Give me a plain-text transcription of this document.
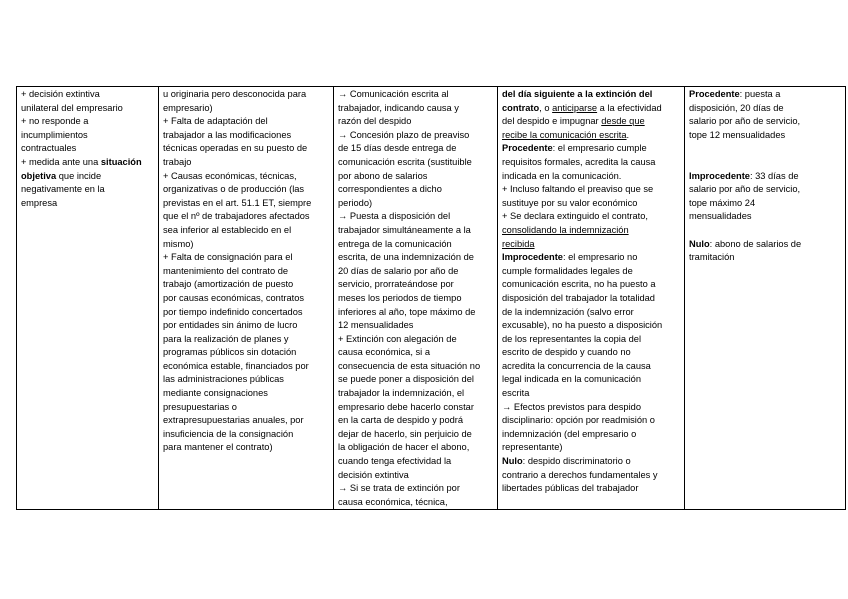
+ decisión extintiva
unilateral del empresario
+ no responde a
incumplimientos
contractuales
+ medida ante una situación
objetiva que incide
negativamente en la
empresa

u originaria pero desconocida para
empresario)
+ Falta de adaptación del
trabajador a las modificaciones
técnicas operadas en su puesto de
trabajo
+ Causas económicas, técnicas,
organizativas o de producción (las
previstas en el art. 51.1 ET, siempre
que el nº de trabajadores afectados
sea inferior al establecido en el
mismo)
+ Falta de consignación para el
mantenimiento del contrato de
trabajo (amortización de puesto
por causas económicas, contratos
por tiempo indefinido concertados
por entidades sin ánimo de lucro
para la realización de planes y
programas públicos sin dotación
económica estable, financiados por
las administraciones públicas
mediante consignaciones
presupuestarias o
extrapresupuestarias anuales, por
insuficiencia de la consignación
para mantener el contrato)

→ Comunicación escrita al
trabajador, indicando causa y
razón del despido
→ Concesión plazo de preaviso
de 15 días desde entrega de
comunicación escrita (sustituible
por abono de salarios
correspondientes a dicho
periodo)
→ Puesta a disposición del
trabajador simultáneamente a la
entrega de la comunicación
escrita, de una indemnización de
20 días de salario por año de
servicio, prorrateándose por
meses los periodos de tiempo
inferiores al año, tope máximo de
12 mensualidades
+ Extinción con alegación de
causa económica, si a
consecuencia de esta situación no
se puede poner a disposición del
trabajador la indemnización, el
empresario debe hacerlo constar
en la carta de despido y podrá
dejar de hacerlo, sin perjuicio de
la obligación de hacer el abono,
cuando tenga efectividad la
decisión extintiva
→ Si se trata de extinción por
causa económica, técnica,

del día siguiente a la extinción del
contrato, o anticiparse a la efectividad
del despido e impugnar desde que
recibe la comunicación escrita.
Procedente: el empresario cumple
requisitos formales, acredita la causa
indicada en la comunicación.
+ Incluso faltando el preaviso que se
sustituye por su valor económico
+ Se declara extinguido el contrato,
consolidando la indemnización
recibida
Improcedente: el empresario no
cumple formalidades legales de
comunicación escrita, no ha puesto a
disposición del trabajador la totalidad
de la indemnización (salvo error
excusable), no ha puesto a disposición
de los representantes la copia del
escrito de despido y cuando no
acredita la concurrencia de la causa
legal indicada en la comunicación
escrita
→ Efectos previstos para despido
disciplinario: opción por readmisión o
indemnización (del empresario o
representante)
Nulo: despido discriminatorio o
contrario a derechos fundamentales y
libertades públicas del trabajador

Procedente: puesta a
disposición, 20 días de
salario por año de servicio,
tope 12 mensualidades

Improcedente: 33 días de
salario por año de servicio,
tope máximo 24
mensualidades

Nulo: abono de salarios de
tramitación
